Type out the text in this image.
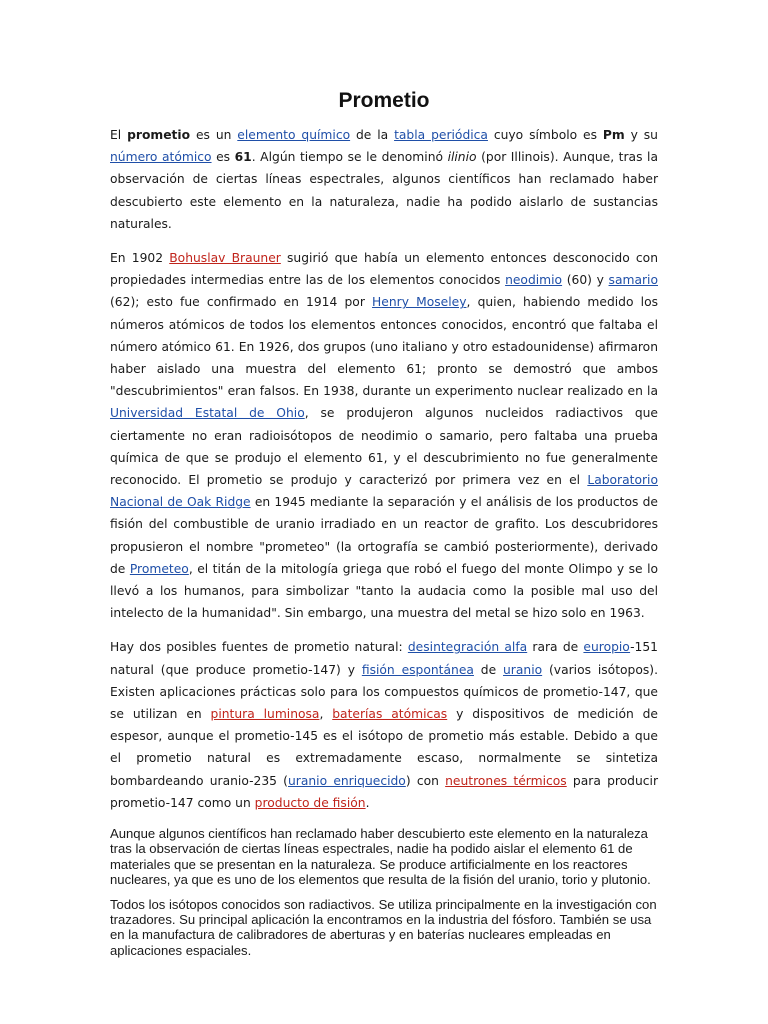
Prometio

El prometio es un elemento químico de la tabla periódica cuyo símbolo es Pm y su número atómico es 61. Algún tiempo se le denominó ilinio (por Illinois). Aunque, tras la observación de ciertas líneas espectrales, algunos científicos han reclamado haber descubierto este elemento en la naturaleza, nadie ha podido aislarlo de sustancias naturales.

En 1902 Bohuslav Brauner sugirió que había un elemento entonces desconocido con propiedades intermedias entre las de los elementos conocidos neodimio (60) y samario (62); esto fue confirmado en 1914 por Henry Moseley, quien, habiendo medido los números atómicos de todos los elementos entonces conocidos, encontró que faltaba el número atómico 61. En 1926, dos grupos (uno italiano y otro estadounidense) afirmaron haber aislado una muestra del elemento 61; pronto se demostró que ambos "descubrimientos" eran falsos. En 1938, durante un experimento nuclear realizado en la Universidad Estatal de Ohio, se produjeron algunos nucleidos radiactivos que ciertamente no eran radioisótopos de neodimio o samario, pero faltaba una prueba química de que se produjo el elemento 61, y el descubrimiento no fue generalmente reconocido. El prometio se produjo y caracterizó por primera vez en el Laboratorio Nacional de Oak Ridge en 1945 mediante la separación y el análisis de los productos de fisión del combustible de uranio irradiado en un reactor de grafito. Los descubridores propusieron el nombre "prometeo" (la ortografía se cambió posteriormente), derivado de Prometeo, el titán de la mitología griega que robó el fuego del monte Olimpo y se lo llevó a los humanos, para simbolizar "tanto la audacia como la posible mal uso del intelecto de la humanidad". Sin embargo, una muestra del metal se hizo solo en 1963.

Hay dos posibles fuentes de prometio natural: desintegración alfa rara de europio-151 natural (que produce prometio-147) y fisión espontánea de uranio (varios isótopos). Existen aplicaciones prácticas solo para los compuestos químicos de prometio-147, que se utilizan en pintura luminosa, baterías atómicas y dispositivos de medición de espesor, aunque el prometio-145 es el isótopo de prometio más estable. Debido a que el prometio natural es extremadamente escaso, normalmente se sintetiza bombardeando uranio-235 (uranio enriquecido) con neutrones térmicos para producir prometio-147 como un producto de fisión.

Aunque algunos científicos han reclamado haber descubierto este elemento en la naturaleza tras la observación de ciertas líneas espectrales, nadie ha podido aislar el elemento 61 de materiales que se presentan en la naturaleza. Se produce artificialmente en los reactores nucleares, ya que es uno de los elementos que resulta de la fisión del uranio, torio y plutonio.

Todos los isótopos conocidos son radiactivos. Se utiliza principalmente en la investigación con trazadores. Su principal aplicación la encontramos en la industria del fósforo. También se usa en la manufactura de calibradores de aberturas y en baterías nucleares empleadas en aplicaciones espaciales.
